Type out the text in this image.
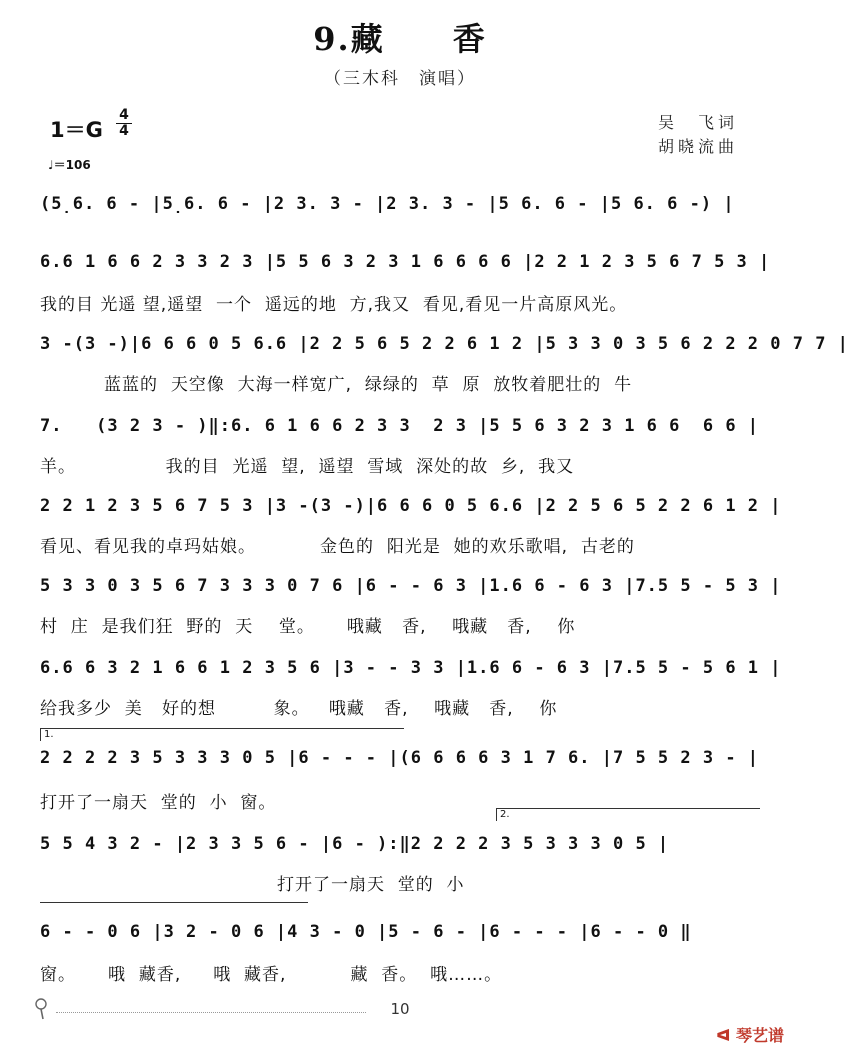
9.藏　　香
（三木科　演唱）
1＝G
4
4
♩＝106
吴　飞词
胡晓流曲
(5̣6. 6 - |5̣6. 6 - |2 3. 3 - |2 3. 3 - |5 6. 6 - |5 6. 6 -) |
6.6 1 6 6 2 3 3 2 3 |5 5 6 3 2 3 1 6 6 6 6 |2 2 1 2 3 5 6 7 5 3 |
我的目 光遥 望,遥望  一个  遥远的地  方,我又  看见,看见一片高原风光。
3 -(3 -)|6 6 6 0 5 6.6 |2 2 5 6 5 2 2 6 1 2 |5 3 3 0 3 5 6 2 2 2 0 7 7 |
蓝蓝的  天空像  大海一样宽广,  绿绿的  草  原  放牧着肥壮的  牛
7.   (3 2 3 - )‖:6. 6 1 6 6 2 3 3  2 3 |5 5 6 3 2 3 1 6 6  6 6 |
羊。              我的目  光遥  望,  遥望  雪域  深处的故  乡,  我又
2 2 1 2 3 5 6 7 5 3 |3 -(3 -)|6 6 6 0 5 6.6 |2 2 5 6 5 2 2 6 1 2 |
看见、看见我的卓玛姑娘。          金色的  阳光是  她的欢乐歌唱,  古老的
5 3 3 0 3 5 6 7 3 3 3 0 7 6 |6 - - 6 3 |1.6 6 - 6 3 |7.5 5 - 5 3 |
村  庄  是我们狂  野的  天    堂。     哦藏   香,    哦藏   香,    你
6.6 6 3 2 1 6 6 1 2 3 5 6 |3 - - 3 3 |1.6 6 - 6 3 |7.5 5 - 5 6 1 |
给我多少  美   好的想         象。   哦藏   香,    哦藏   香,    你
1.
2 2 2 2 3 5 3 3 3 0 5 |6 - - - |(6 6 6 6 3 1 7 6. |7 5 5 2 3 - |
打开了一扇天  堂的  小  窗。
2.
5 5 4 3 2 - |2 3 3 5 6 - |6 - ):‖2 2 2 2 3 5 3 3 3 0 5 |
打开了一扇天  堂的  小
6 - - 0 6 |3 2 - 0 6 |4 3 - 0 |5 - 6 - |6 - - - |6 - - 0 ‖
窗。     哦  藏香,     哦  藏香,          藏  香。  哦……。
10
ᐊ 琴艺谱
